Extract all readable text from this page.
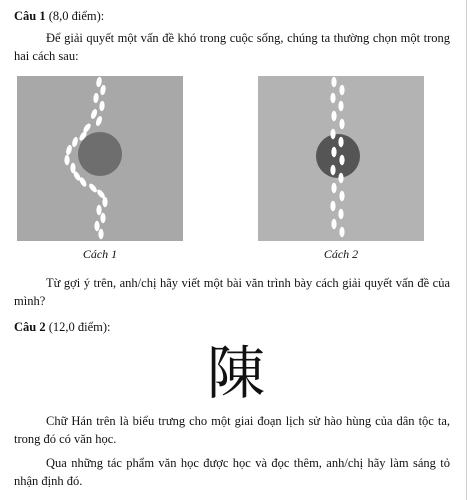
Câu 1 (8,0 điểm):

Để giải quyết một vấn đề khó trong cuộc sống, chúng ta thường chọn một trong hai cách sau:

Cách 1	Cách 2

Từ gợi ý trên, anh/chị hãy viết một bài văn trình bày cách giải quyết vấn đề của mình?

Câu 2 (12,0 điểm):

陳

Chữ Hán trên là biểu trưng cho một giai đoạn lịch sử hào hùng của dân tộc ta, trong đó có văn học.

Qua những tác phẩm văn học được học và đọc thêm, anh/chị hãy làm sáng tỏ nhận định đó.
